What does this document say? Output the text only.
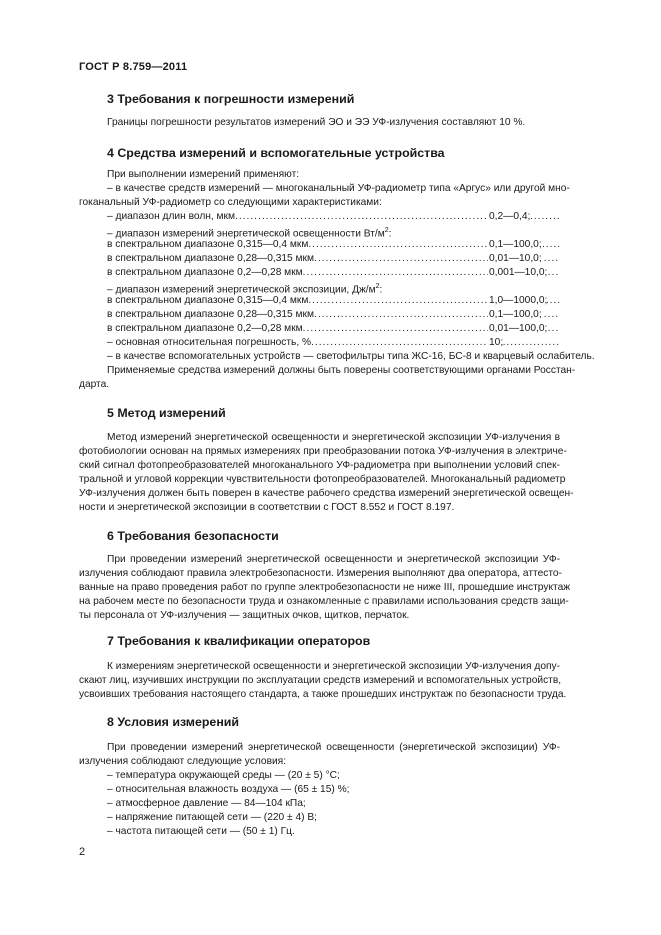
ГОСТ Р 8.759—2011
3 Требования к погрешности измерений
Границы погрешности результатов измерений ЭО и ЭЭ УФ-излучения составляют 10 %.
4 Средства измерений и вспомогательные устройства
При выполнении измерений применяют:
– в качестве средств измерений — многоканальный УФ-радиометр типа «Аргус» или другой мно-
гоканальный УФ-радиометр со следующими характеристиками:
– диапазон длин волн, мкм .....	0,2—0,4;
– диапазон измерений энергетической освещенности $Вт/м^2$:
в спектральном диапазоне 0,315—0,4 мкм .....	0,1—100,0;
в спектральном диапазоне 0,28—0,315 мкм .....	0,01—10,0;
в спектральном диапазоне 0,2—0,28 мкм .....	0,001—10,0;
– диапазон измерений энергетической экспозиции, $Дж/м^2$:
в спектральном диапазоне 0,315—0,4 мкм .....	1,0—1000,0;
в спектральном диапазоне 0,28—0,315 мкм .....	0,1—100,0;
в спектральном диапазоне 0,2—0,28 мкм .....	0,01—100,0;
– основная относительная погрешность, % .....	10;
– в качестве вспомогательных устройств — светофильтры типа ЖС-16, БС-8 и кварцевый ослабитель.
Применяемые средства измерений должны быть поверены соответствующими органами Росстан-
дарта.
5 Метод измерений
Метод измерений энергетической освещенности и энергетической экспозиции УФ-излучения в
фотобиологии основан на прямых измерениях при преобразовании потока УФ-излучения в электриче-
ский сигнал фотопреобразователей многоканального УФ-радиометра при выполнении условий спек-
тральной и угловой коррекции чувствительности фотопреобразователей. Многоканальный радиометр
УФ-излучения должен быть поверен в качестве рабочего средства измерений энергетической освещен-
ности и энергетической экспозиции в соответствии с ГОСТ 8.552 и ГОСТ 8.197.
6 Требования безопасности
При проведении измерений энергетической освещенности и энергетической экспозиции УФ-
излучения соблюдают правила электробезопасности. Измерения выполняют два оператора, аттесто-
ванные на право проведения работ по группе электробезопасности не ниже III, прошедшие инструктаж
на рабочем месте по безопасности труда и ознакомленные с правилами использования средств защи-
ты персонала от УФ-излучения — защитных очков, щитков, перчаток.
7 Требования к квалификации операторов
К измерениям энергетической освещенности и энергетической экспозиции УФ-излучения допу-
скают лиц, изучивших инструкции по эксплуатации средств измерений и вспомогательных устройств,
усвоивших требования настоящего стандарта, а также прошедших инструктаж по безопасности труда.
8 Условия измерений
При проведении измерений энергетической освещенности (энергетической экспозиции) УФ-
излучения соблюдают следующие условия:
– температура окружающей среды — (20 ± 5) °С;
– относительная влажность воздуха — (65 ± 15) %;
– атмосферное давление — 84—104 кПа;
– напряжение питающей сети — (220 ± 4) В;
– частота питающей сети — (50 ± 1) Гц.
2
